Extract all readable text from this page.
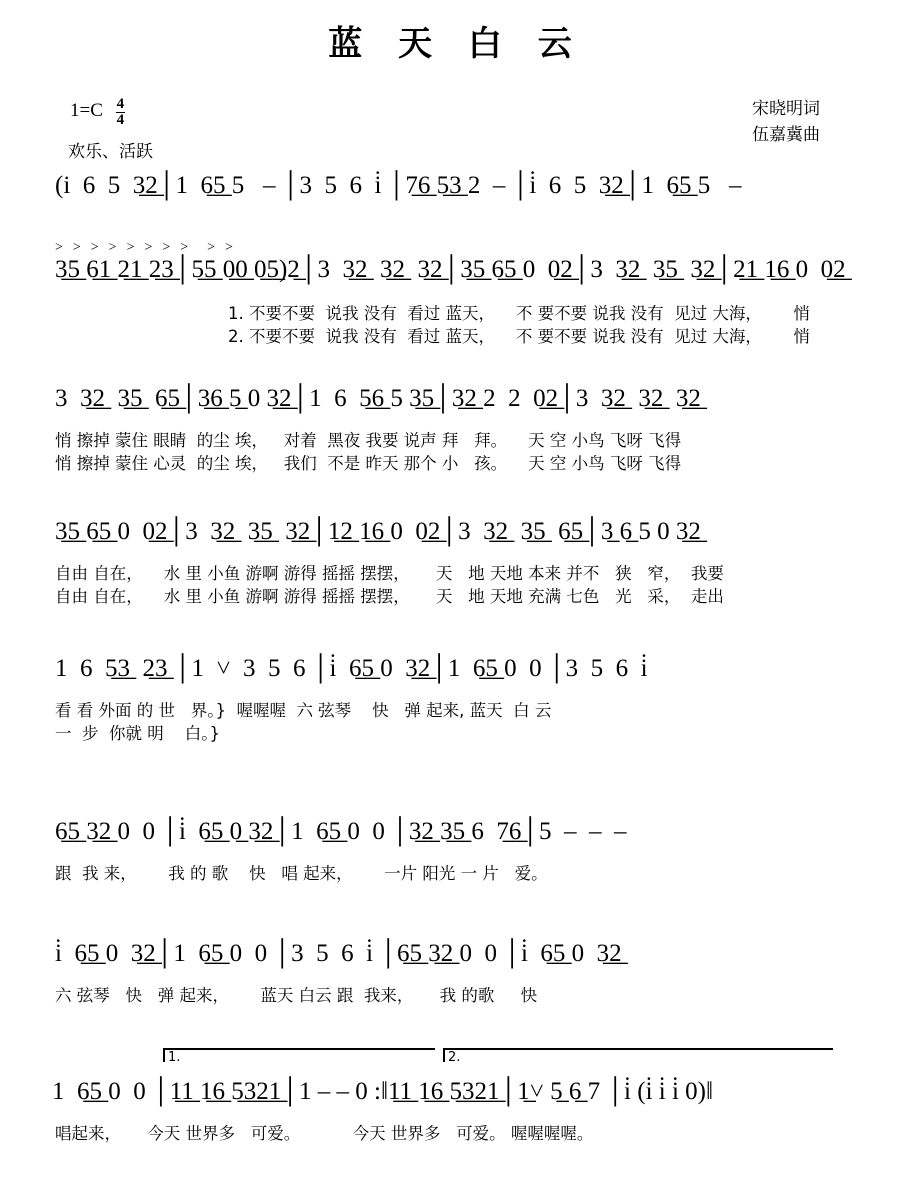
蓝 天 白 云
$1=C \frac{4}{4}$
欢乐、活跃
宋晓明词
伍嘉冀曲
(i  6  5  3̲2̲│1  6̲5̲ 5   – │3  5  6  i̇ │7̲6̲ 5̲3̲ 2  – │i̇  6  5  3̲2̲│1  6̲5̲ 5   –
>  >  >  >  >  >  >  >    >  >
3̲5̲ 6̲1̲ 2̲1̲ 2̲3̲│5̲5̲ 0̲0̲ 0̲5̲)2̲│3  3̲2̲  3̲2̲  3̲2̲│3̲5̲ 6̲5̲ 0  0̲2̲│3  3̲2̲  3̲5̲  3̲2̲│2̲1̲ 1̲6̲ 0  0̲2̲
1. 不要不要  说我 没有  看过 蓝天，    不 要不要 说我 没有  见过 大海，      悄
2. 不要不要  说我 没有  看过 蓝天，    不 要不要 说我 没有  见过 大海，      悄
3  3̲2̲  3̲5̲  6̲5̲│3̲6̲ 5̲ 0 3̲2̲│1  6  5̲6̲ 5 3̲5̲│3̲2̲ 2  2  0̲2̲│3  3̲2̲  3̲2̲  3̲2̲
悄 擦掉 蒙住 眼睛  的尘 埃，   对着  黑夜 我要 说声 拜   拜。    天 空 小鸟 飞呀 飞得
悄 擦掉 蒙住 心灵  的尘 埃，   我们  不是 昨天 那个 小   孩。    天 空 小鸟 飞呀 飞得
3̲5̲ 6̲5̲ 0  0̲2̲│3  3̲2̲  3̲5̲  3̲2̲│1̲2̲ 1̲6̲ 0  0̲2̲│3  3̲2̲  3̲5̲  6̲5̲│3̲ 6̲ 5 0 3̲2̲
自由 自在，    水 里 小鱼 游啊 游得 摇摇 摆摆，     天   地 天地 本来 并不   狭   窄，  我要
自由 自在，    水 里 小鱼 游啊 游得 摇摇 摆摆，     天   地 天地 充满 七色   光   采，  走出
1  6  5̲3̲  2̲3̲ │1  ˅  3  5  6 │i̇  6̲5̲ 0  3̲2̲│1  6̲5̲ 0  0 │3  5  6  i̇
看 看 外面 的 世   界。}  喔喔喔  六 弦琴    快   弹 起来, 蓝天  白 云
一  步  你就 明    白。}
6̲5̲ 3̲2̲ 0  0 │i̇  6̲5̲ 0̲ 3̲2̲│1  6̲5̲ 0  0 │3̲2̲ 3̲5̲ 6  7̲6̲│5  –  –  –
跟  我 来，      我 的 歌    快   唱 起来，      一片 阳光 一 片   爱。
i̇  6̲5̲ 0  3̲2̲│1  6̲5̲ 0  0 │3  5  6  i̇ │6̲5̲ 3̲2̲ 0  0 │i̇  6̲5̲ 0  3̲2̲
六 弦琴   快   弹 起来，      蓝天 白云 跟  我来，     我 的歌     快
1.	2.
1  6̲5̲ 0  0 │1̲1̲ 1̲6̲ 5̲3̲2̲1̲│1 – – 0 :‖1̲1̲ 1̲6̲ 5̲3̲2̲1̲│1̲˅ 5̲ 6̲ 7 │i̇ (i̇ i̇ i̇ 0)‖
唱起来，     今天 世界多   可爱。          今天 世界多   可爱。 喔喔喔喔。
